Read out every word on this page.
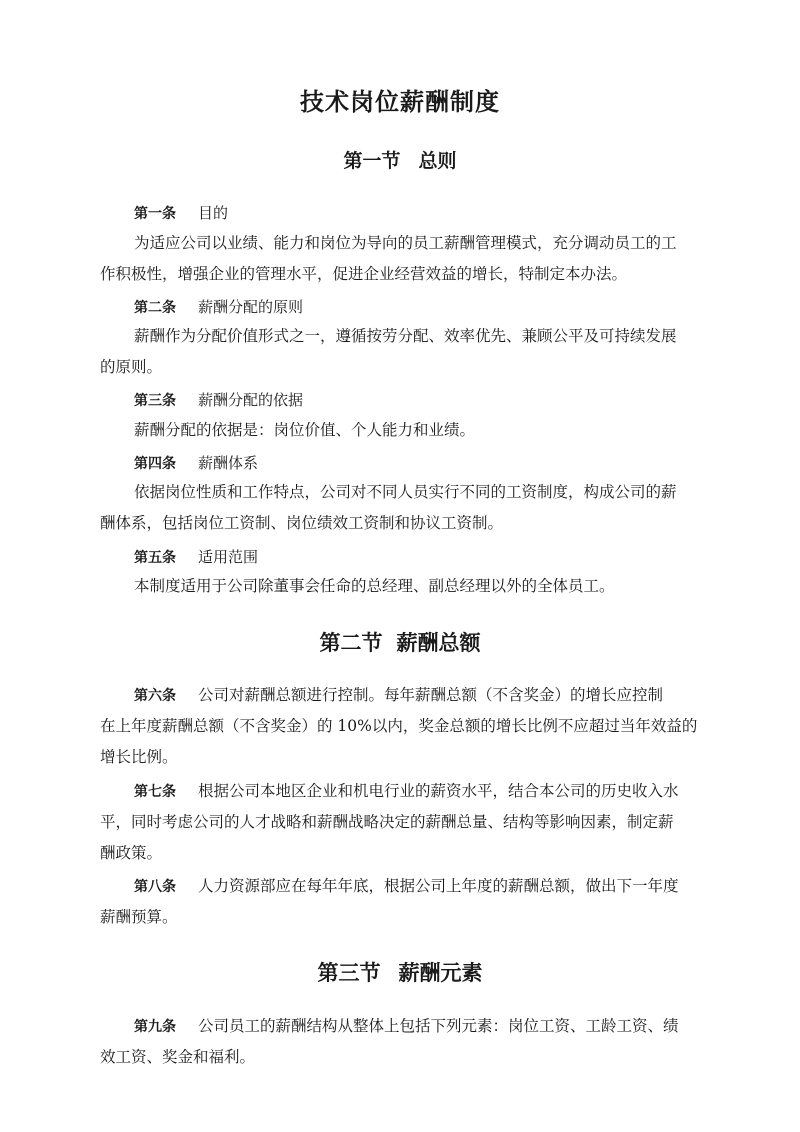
技术岗位薪酬制度
第一节 总则
第一条 目的
为适应公司以业绩、能力和岗位为导向的员工薪酬管理模式，充分调动员工的工
作积极性，增强企业的管理水平，促进企业经营效益的增长，特制定本办法。
第二条 薪酬分配的原则
薪酬作为分配价值形式之一，遵循按劳分配、效率优先、兼顾公平及可持续发展
的原则。
第三条 薪酬分配的依据
薪酬分配的依据是：岗位价值、个人能力和业绩。
第四条 薪酬体系
依据岗位性质和工作特点，公司对不同人员实行不同的工资制度，构成公司的薪
酬体系，包括岗位工资制、岗位绩效工资制和协议工资制。
第五条 适用范围
本制度适用于公司除董事会任命的总经理、副总经理以外的全体员工。
第二节 薪酬总额
第六条 公司对薪酬总额进行控制。每年薪酬总额（不含奖金）的增长应控制
在上年度薪酬总额（不含奖金）的 10%以内，奖金总额的增长比例不应超过当年效益的
增长比例。
第七条 根据公司本地区企业和机电行业的薪资水平，结合本公司的历史收入水
平，同时考虑公司的人才战略和薪酬战略决定的薪酬总量、结构等影响因素，制定薪
酬政策。
第八条 人力资源部应在每年年底，根据公司上年度的薪酬总额，做出下一年度
薪酬预算。
第三节 薪酬元素
第九条 公司员工的薪酬结构从整体上包括下列元素：岗位工资、工龄工资、绩
效工资、奖金和福利。
